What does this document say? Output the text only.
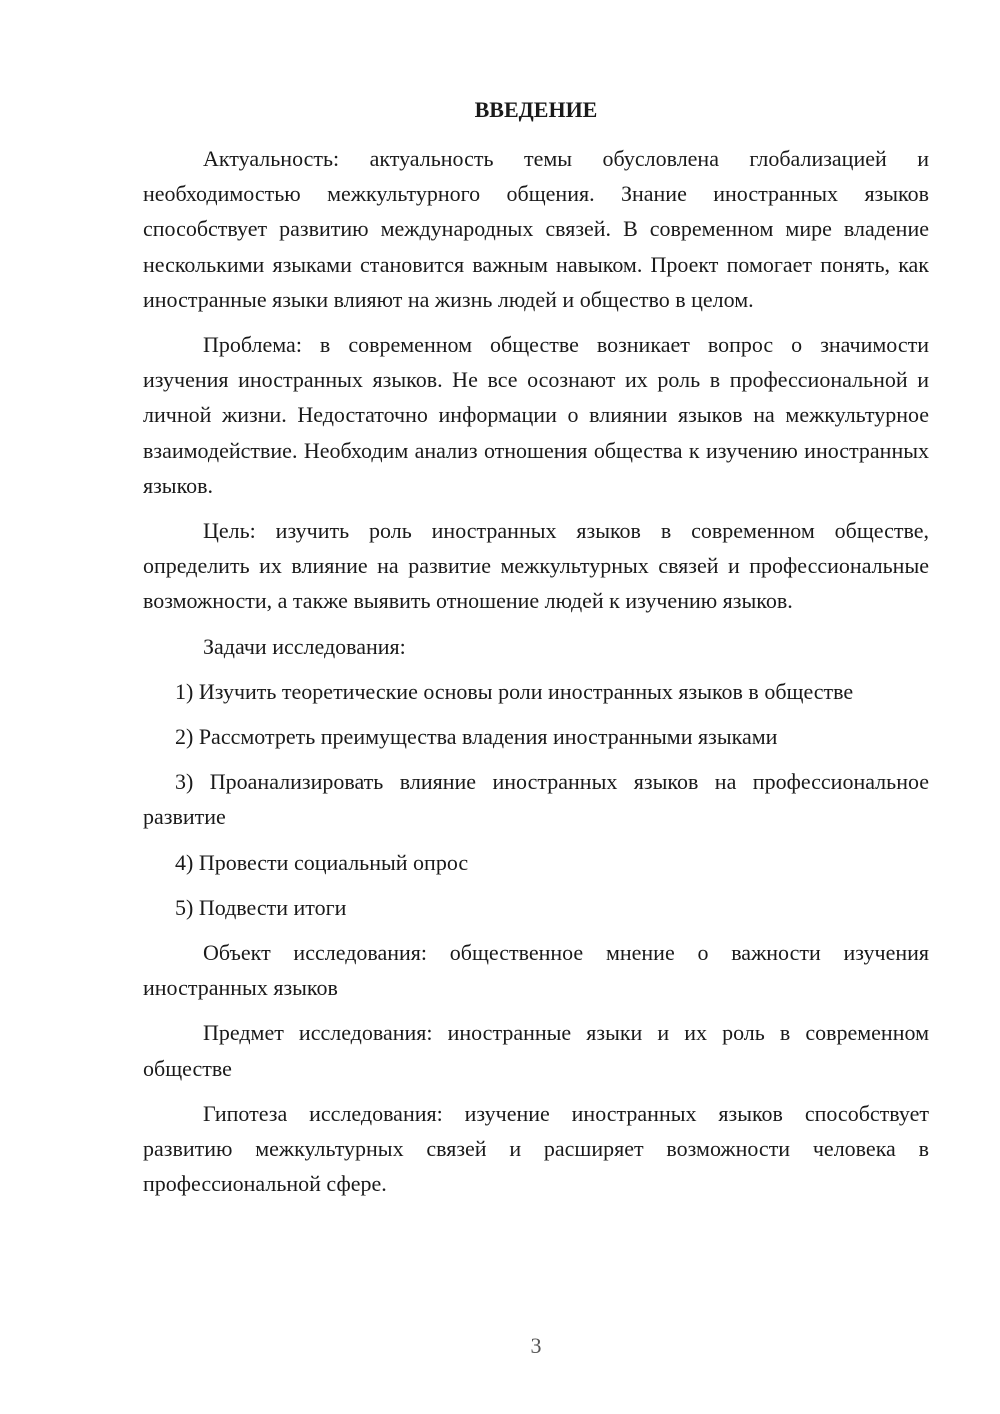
ВВЕДЕНИЕ

Актуальность: актуальность темы обусловлена глобализацией и необходимостью межкультурного общения. Знание иностранных языков способствует развитию международных связей. В современном мире владение несколькими языками становится важным навыком. Проект помогает понять, как иностранные языки влияют на жизнь людей и общество в целом.

Проблема: в современном обществе возникает вопрос о значимости изучения иностранных языков. Не все осознают их роль в профессиональной и личной жизни. Недостаточно информации о влиянии языков на межкультурное взаимодействие. Необходим анализ отношения общества к изучению иностранных языков.

Цель: изучить роль иностранных языков в современном обществе, определить их влияние на развитие межкультурных связей и профессиональные возможности, а также выявить отношение людей к изучению языков.

Задачи исследования:

1) Изучить теоретические основы роли иностранных языков в обществе

2) Рассмотреть преимущества владения иностранными языками

3) Проанализировать влияние иностранных языков на профессиональное развитие

4) Провести социальный опрос

5) Подвести итоги

Объект исследования: общественное мнение о важности изучения иностранных языков

Предмет исследования: иностранные языки и их роль в современном обществе

Гипотеза исследования: изучение иностранных языков способствует развитию межкультурных связей и расширяет возможности человека в профессиональной сфере.

3
